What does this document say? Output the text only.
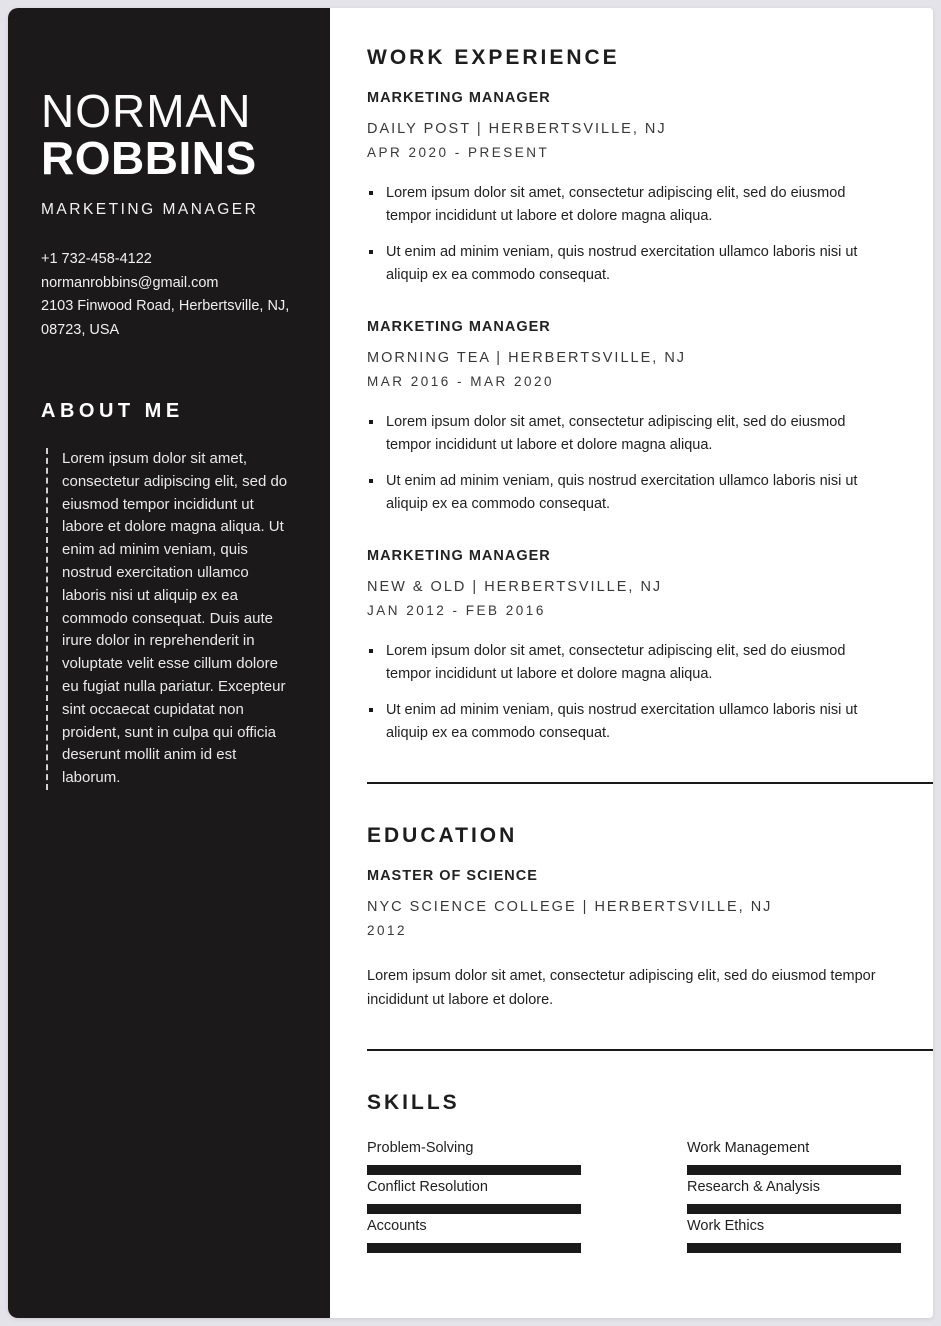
NORMAN
ROBBINS
MARKETING MANAGER
+1 732-458-4122
normanrobbins@gmail.com
2103 Finwood Road, Herbertsville, NJ,
08723, USA
ABOUT ME

Lorem ipsum dolor sit amet, consectetur adipiscing elit, sed do eiusmod tempor incididunt ut labore et dolore magna aliqua. Ut enim ad minim veniam, quis nostrud exercitation ullamco laboris nisi ut aliquip ex ea commodo consequat. Duis aute irure dolor in reprehenderit in voluptate velit esse cillum dolore eu fugiat nulla pariatur. Excepteur sint occaecat cupidatat non proident, sunt in culpa qui officia deserunt mollit anim id est laborum.

WORK EXPERIENCE
MARKETING MANAGER
DAILY POST | HERBERTSVILLE, NJ
APR 2020 - PRESENT
Lorem ipsum dolor sit amet, consectetur adipiscing elit, sed do eiusmod tempor incididunt ut labore et dolore magna aliqua.
Ut enim ad minim veniam, quis nostrud exercitation ullamco laboris nisi ut aliquip ex ea commodo consequat.
MARKETING MANAGER
MORNING TEA | HERBERTSVILLE, NJ
MAR 2016 - MAR 2020
Lorem ipsum dolor sit amet, consectetur adipiscing elit, sed do eiusmod tempor incididunt ut labore et dolore magna aliqua.
Ut enim ad minim veniam, quis nostrud exercitation ullamco laboris nisi ut aliquip ex ea commodo consequat.
MARKETING MANAGER
NEW & OLD | HERBERTSVILLE, NJ
JAN 2012 - FEB 2016
Lorem ipsum dolor sit amet, consectetur adipiscing elit, sed do eiusmod tempor incididunt ut labore et dolore magna aliqua.
Ut enim ad minim veniam, quis nostrud exercitation ullamco laboris nisi ut aliquip ex ea commodo consequat.
EDUCATION
MASTER OF SCIENCE
NYC SCIENCE COLLEGE | HERBERTSVILLE, NJ
2012

Lorem ipsum dolor sit amet, consectetur adipiscing elit, sed do eiusmod tempor incididunt ut labore et dolore.

SKILLS
Problem-Solving
Conflict Resolution
Accounts
Work Management
Research & Analysis
Work Ethics
